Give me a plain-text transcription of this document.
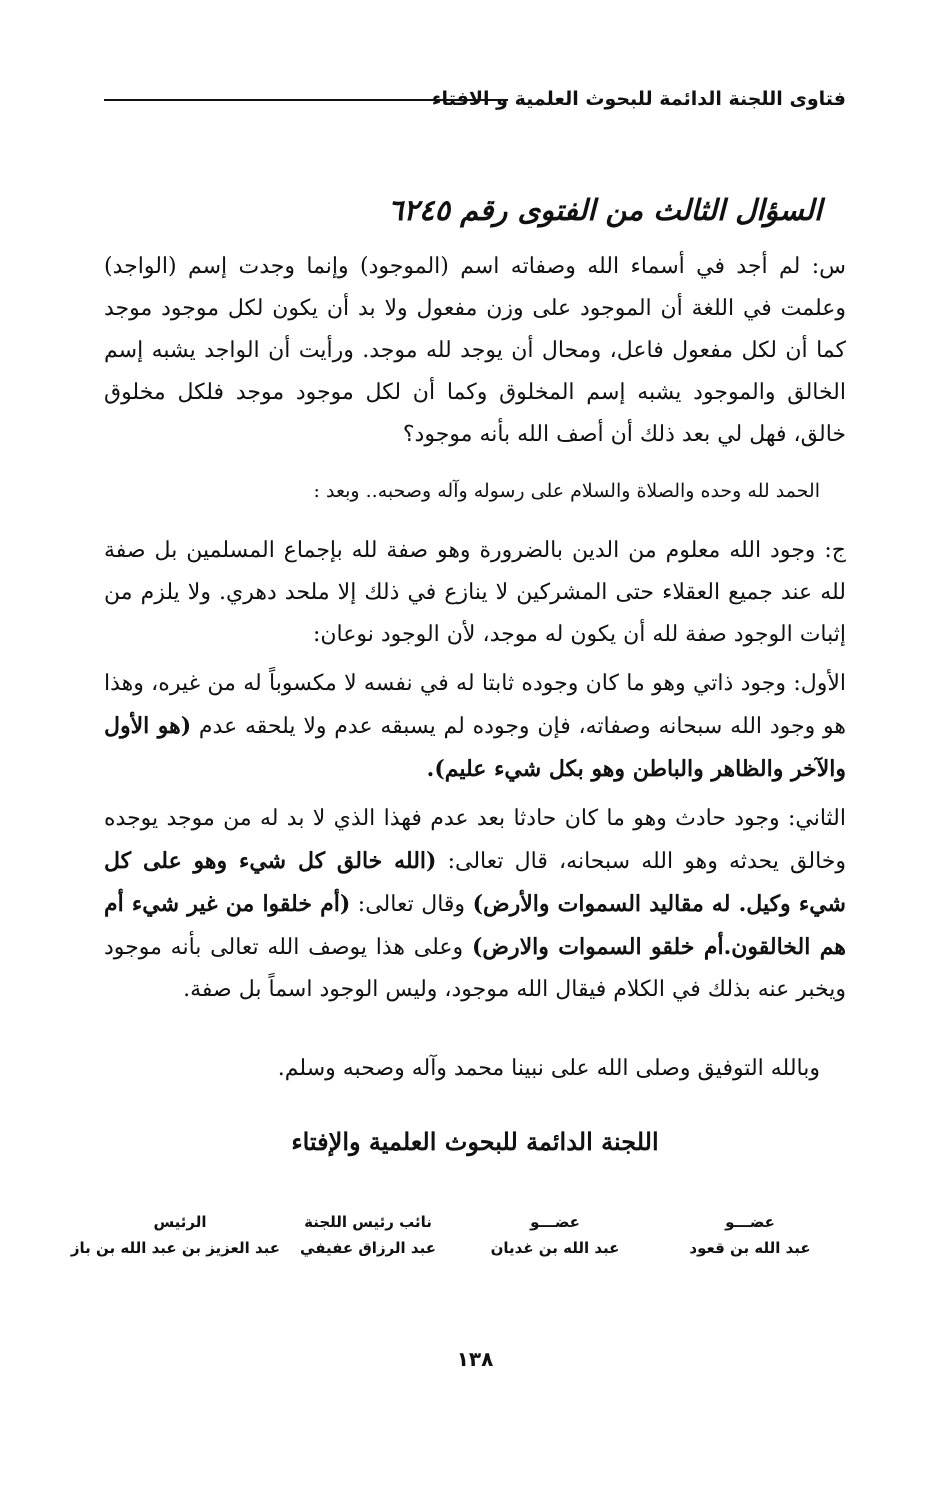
فتاوى اللجنة الدائمة للبحوث العلمية و الافتاء
السؤال الثالث من الفتوى رقم ٦٢٤٥

س: لم أجد في أسماء الله وصفاته اسم (الموجود) وإنما وجدت إسم (الواجد) وعلمت في اللغة أن الموجود على وزن مفعول ولا بد أن يكون لكل موجود موجد كما أن لكل مفعول فاعل، ومحال أن يوجد لله موجد. ورأيت أن الواجد يشبه إسم الخالق والموجود يشبه إسم المخلوق وكما أن لكل موجود موجد فلكل مخلوق خالق، فهل لي بعد ذلك أن أصف الله بأنه موجود؟

الحمد لله وحده والصلاة والسلام على رسوله وآله وصحبه.. وبعد :

ج: وجود الله معلوم من الدين بالضرورة وهو صفة لله بإجماع المسلمين بل صفة لله عند جميع العقلاء حتى المشركين لا ينازع في ذلك إلا ملحد دهري. ولا يلزم من إثبات الوجود صفة لله أن يكون له موجد، لأن الوجود نوعان:

الأول: وجود ذاتي وهو ما كان وجوده ثابتا له في نفسه لا مكسوباً له من غيره، وهذا هو وجود الله سبحانه وصفاته، فإن وجوده لم يسبقه عدم ولا يلحقه عدم (هو الأول والآخر والظاهر والباطن وهو بكل شيء عليم).

الثاني: وجود حادث وهو ما كان حادثا بعد عدم فهذا الذي لا بد له من موجد يوجده وخالق يحدثه وهو الله سبحانه، قال تعالى: (الله خالق كل شيء وهو على كل شيء وكيل. له مقاليد السموات والأرض) وقال تعالى: (أم خلقوا من غير شيء أم هم الخالقون.أم خلقو السموات والارض) وعلى هذا يوصف الله تعالى بأنه موجود ويخبر عنه بذلك في الكلام فيقال الله موجود، وليس الوجود اسماً بل صفة.

وبالله التوفيق وصلى الله على نبينا محمد وآله وصحبه وسلم.

اللجنة الدائمة للبحوث العلمية والإفتاء
عضـــو
عبد الله بن قعود
عضـــو
عبد الله بن غديان
نائب رئيس اللجنة
عبد الرزاق عفيفي
الرئيس
عبد العزيز بن عبد الله بن باز
١٣٨
